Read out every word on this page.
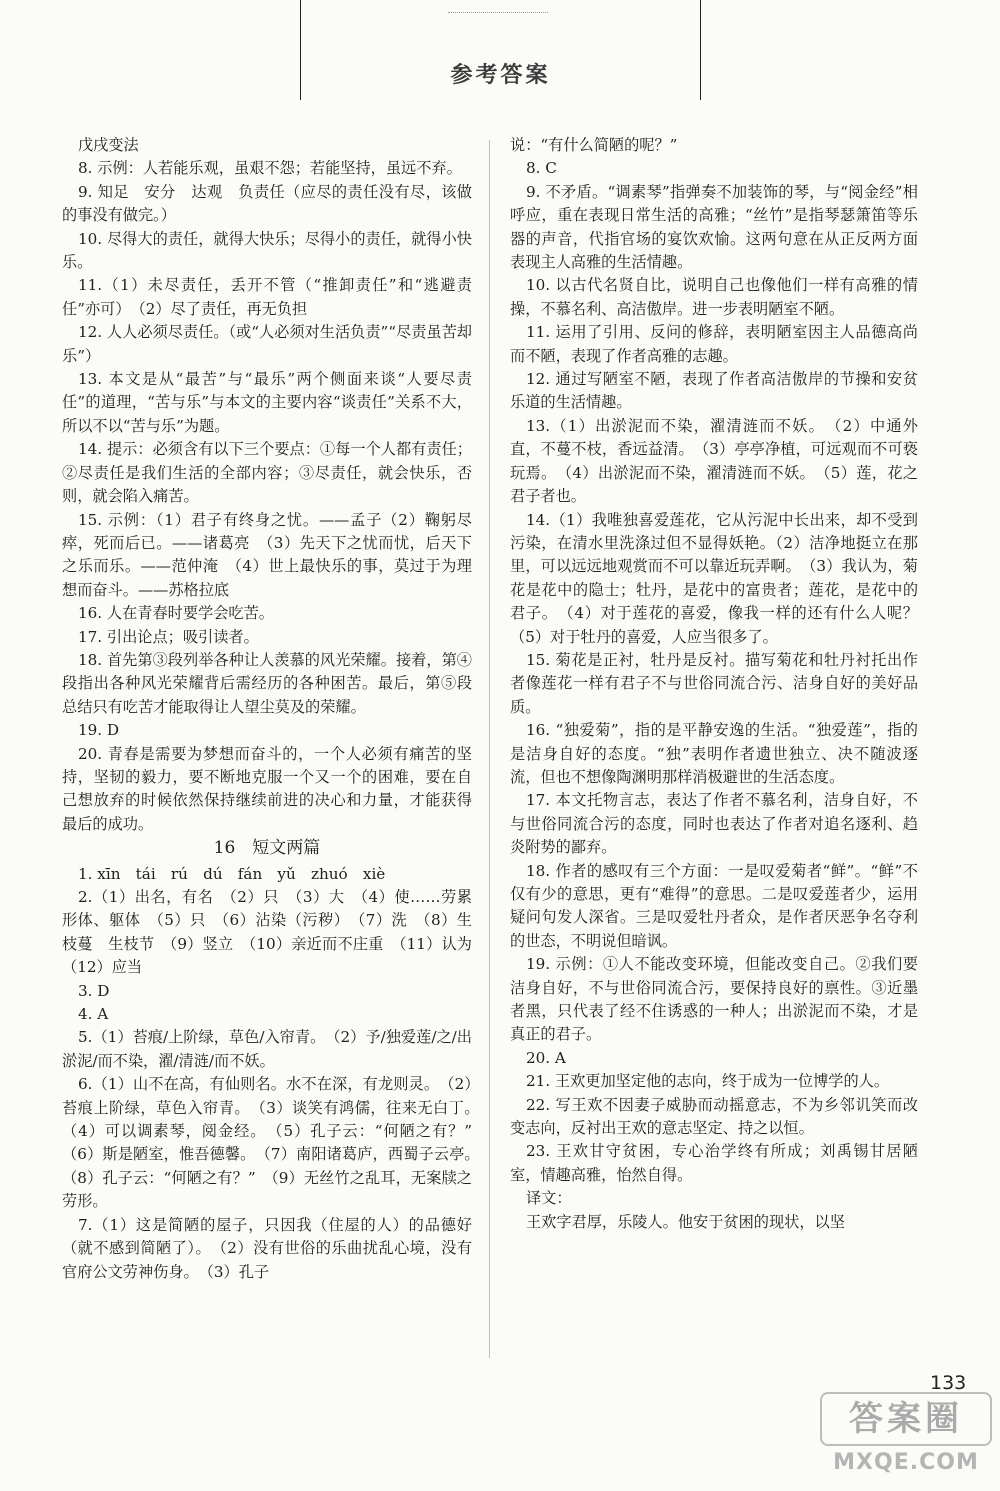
参考答案

戊戌变法

8. 示例：人若能乐观，虽艰不怨；若能坚持，虽远不弃。

9. 知足　安分　达观　负责任（应尽的责任没有尽，该做的事没有做完。）

10. 尽得大的责任，就得大快乐；尽得小的责任，就得小快乐。

11.（1）未尽责任，丢开不管（“推卸责任”和“逃避责任”亦可）　（2）尽了责任，再无负担

12. 人人必须尽责任。（或“人必须对生活负责”“尽责虽苦却乐”）

13. 本文是从“最苦”与“最乐”两个侧面来谈“人要尽责任”的道理，“苦与乐”与本文的主要内容“谈责任”关系不大，所以不以“苦与乐”为题。

14. 提示：必须含有以下三个要点：①每一个人都有责任；②尽责任是我们生活的全部内容；③尽责任，就会快乐，否则，就会陷入痛苦。

15. 示例：（1）君子有终身之忧。——孟子（2）鞠躬尽瘁，死而后已。——诸葛亮　（3）先天下之忧而忧，后天下之乐而乐。——范仲淹　（4）世上最快乐的事，莫过于为理想而奋斗。——苏格拉底

16. 人在青春时要学会吃苦。

17. 引出论点；吸引读者。

18. 首先第③段列举各种让人羡慕的风光荣耀。接着，第④段指出各种风光荣耀背后需经历的各种困苦。最后，第⑤段总结只有吃苦才能取得让人望尘莫及的荣耀。

19. D

20. 青春是需要为梦想而奋斗的，一个人必须有痛苦的坚持，坚韧的毅力，要不断地克服一个又一个的困难，要在自己想放弃的时候依然保持继续前进的决心和力量，才能获得最后的成功。

16　短文两篇

1. xīn　tái　rú　dú　fán　yǔ　zhuó　xiè

2.（1）出名，有名　（2）只　（3）大　（4）使……劳累　形体、躯体　（5）只　（6）沾染（污秽）　（7）洗　（8）生枝蔓　生枝节　（9）竖立　（10）亲近而不庄重　（11）认为　（12）应当

3. D

4. A

5.（1）苔痕/上阶绿，草色/入帘青。　（2）予/独爱莲/之/出淤泥/而不染，濯/清涟/而不妖。

6.（1）山不在高，有仙则名。水不在深，有龙则灵。　（2）苔痕上阶绿，草色入帘青。　（3）谈笑有鸿儒，往来无白丁。　（4）可以调素琴，阅金经。　（5）孔子云：“何陋之有？”　（6）斯是陋室，惟吾德馨。　（7）南阳诸葛庐，西蜀子云亭。　（8）孔子云：“何陋之有？”　（9）无丝竹之乱耳，无案牍之劳形。

7.（1）这是简陋的屋子，只因我（住屋的人）的品德好（就不感到简陋了）。　（2）没有世俗的乐曲扰乱心境，没有官府公文劳神伤身。　（3）孔子

说：“有什么简陋的呢？”

8. C

9. 不矛盾。“调素琴”指弹奏不加装饰的琴，与“阅金经”相呼应，重在表现日常生活的高雅；“丝竹”是指琴瑟箫笛等乐器的声音，代指官场的宴饮欢愉。这两句意在从正反两方面表现主人高雅的生活情趣。

10. 以古代名贤自比，说明自己也像他们一样有高雅的情操，不慕名利、高洁傲岸。进一步表明陋室不陋。

11. 运用了引用、反问的修辞，表明陋室因主人品德高尚而不陋，表现了作者高雅的志趣。

12. 通过写陋室不陋，表现了作者高洁傲岸的节操和安贫乐道的生活情趣。

13.（1）出淤泥而不染，濯清涟而不妖。　（2）中通外直，不蔓不枝，香远益清。　（3）亭亭净植，可远观而不可亵玩焉。　（4）出淤泥而不染，濯清涟而不妖。　（5）莲，花之君子者也。

14.（1）我唯独喜爱莲花，它从污泥中长出来，却不受到污染，在清水里洗涤过但不显得妖艳。（2）洁净地挺立在那里，可以远远地观赏而不可以靠近玩弄啊。　（3）我认为，菊花是花中的隐士；牡丹，是花中的富贵者；莲花，是花中的君子。　（4）对于莲花的喜爱，像我一样的还有什么人呢？　（5）对于牡丹的喜爱，人应当很多了。

15. 菊花是正衬，牡丹是反衬。描写菊花和牡丹衬托出作者像莲花一样有君子不与世俗同流合污、洁身自好的美好品质。

16. “独爱菊”，指的是平静安逸的生活。“独爱莲”，指的是洁身自好的态度。“独”表明作者遗世独立、决不随波逐流，但也不想像陶渊明那样消极避世的生活态度。

17. 本文托物言志，表达了作者不慕名利，洁身自好，不与世俗同流合污的态度，同时也表达了作者对追名逐利、趋炎附势的鄙弃。

18. 作者的感叹有三个方面：一是叹爱菊者“鲜”。“鲜”不仅有少的意思，更有“难得”的意思。二是叹爱莲者少，运用疑问句发人深省。三是叹爱牡丹者众，是作者厌恶争名夺利的世态，不明说但暗讽。

19. 示例：①人不能改变环境，但能改变自己。②我们要洁身自好，不与世俗同流合污，要保持良好的禀性。③近墨者黑，只代表了经不住诱惑的一种人；出淤泥而不染，才是真正的君子。

20. A

21. 王欢更加坚定他的志向，终于成为一位博学的人。

22. 写王欢不因妻子威胁而动摇意志，不为乡邻讥笑而改变志向，反衬出王欢的意志坚定、持之以恒。

23. 王欢甘守贫困，专心治学终有所成；刘禹锡甘居陋室，情趣高雅，怡然自得。

译文：

王欢字君厚，乐陵人。他安于贫困的现状，以坚

133
答案圈
MXQE.COM
